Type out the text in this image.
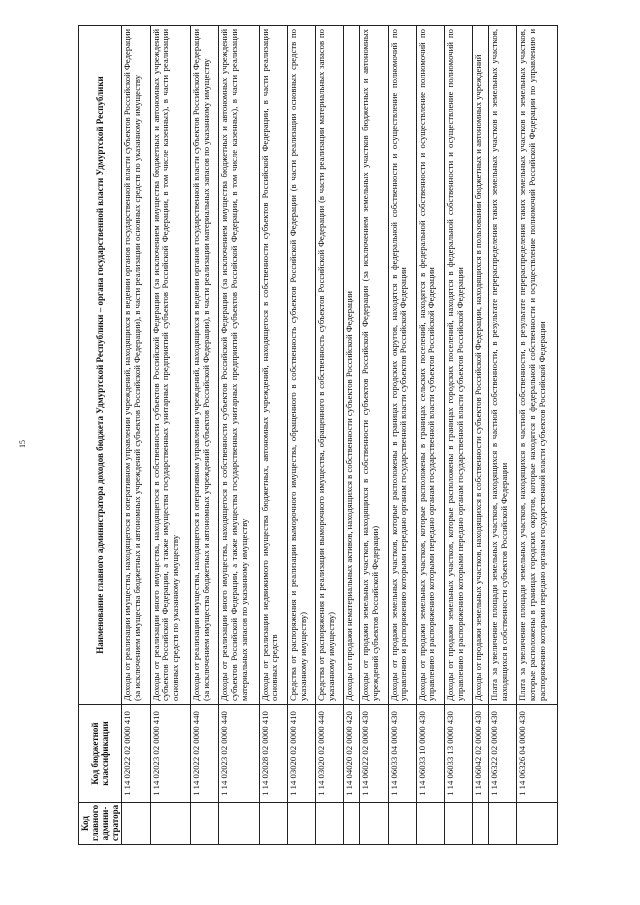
15
Код главного админи-стратора	Код бюджетной классификации	Наименование главного администратора доходов бюджета Удмуртской Республики – органа государственной власти Удмуртской Республики
	1 14 02022 02 0000 410	Доходы от реализации имущества, находящегося в оперативном управлении учреждений, находящихся в ведении органов государственной власти субъектов Российской Федерации (за исключением имущества бюджетных и автономных учреждений субъектов Российской Федерации), в части реализации основных средств по указанному имуществу
	1 14 02023 02 0000 410	Доходы от реализации иного имущества, находящегося в собственности субъектов Российской Федерации (за исключением имущества бюджетных и автономных учреждений субъектов Российской Федерации, а также имущества государственных унитарных предприятий субъектов Российской Федерации, в том числе казенных), в части реализации основных средств по указанному имуществу
	1 14 02022 02 0000 440	Доходы от реализации имущества, находящегося в оперативном управлении учреждений, находящихся в ведении органов государственной власти субъектов Российской Федерации (за исключением имущества бюджетных и автономных учреждений субъектов Российской Федерации), в части реализации материальных запасов по указанному имуществу
	1 14 02023 02 0000 440	Доходы от реализации иного имущества, находящегося в собственности субъектов Российской Федерации (за исключением имущества бюджетных и автономных учреждений субъектов Российской Федерации, а также имущества государственных унитарных предприятий субъектов Российской Федерации, в том числе казенных), в части реализации материальных запасов по указанному имуществу
	1 14 02028 02 0000 410	Доходы от реализации недвижимого имущества бюджетных, автономных учреждений, находящегося в собственности субъектов Российской Федерации, в части реализации основных средств
	1 14 03020 02 0000 410	Средства от распоряжения и реализации выморочного имущества, обращенного в собственность субъектов Российской Федерации (в части реализации основных средств по указанному имуществу)
	1 14 03020 02 0000 440	Средства от распоряжения и реализации выморочного имущества, обращенного в собственность субъектов Российской Федерации (в части реализации материальных запасов по указанному имуществу)
	1 14 04020 02 0000 420	Доходы от продажи нематериальных активов, находящихся в собственности субъектов Российской Федерации
	1 14 06022 02 0000 430	Доходы от продажи земельных участков, находящихся в собственности субъектов Российской Федерации (за исключением земельных участков бюджетных и автономных учреждений субъектов Российской Федерации)
	1 14 06033 04 0000 430	Доходы от продажи земельных участков, которые расположены в границах городских округов, находятся в федеральной собственности и осуществление полномочий по управлению и распоряжению которыми передано органам государственной власти субъектов Российской Федерации
	1 14 06033 10 0000 430	Доходы от продажи земельных участков, которые расположены в границах сельских поселений, находятся в федеральной собственности и осуществление полномочий по управлению и распоряжению которыми передано органам государственной власти субъектов Российской Федерации
	1 14 06033 13 0000 430	Доходы от продажи земельных участков, которые расположены в границах городских поселений, находятся в федеральной собственности и осуществление полномочий по управлению и распоряжению которыми передано органам государственной власти субъектов Российской Федерации
	1 14 06042 02 0000 430	Доходы от продажи земельных участков, находящихся в собственности субъектов Российской Федерации, находящихся в пользовании бюджетных и автономных учреждений
	1 14 06322 02 0000 430	Плата за увеличение площади земельных участков, находящихся в частной собственности, в результате перераспределения таких земельных участков и земельных участков, находящихся в собственности субъектов Российской Федерации
	1 14 06326 04 0000 430	Плата за увеличение площади земельных участков, находящихся в частной собственности, в результате перераспределения таких земельных участков и земельных участков, которые расположены в границах городских округов, которые находятся в федеральной собственности и осуществление полномочий Российской Федерации по управлению и распоряжению которыми передано органам государственной власти субъектов Российской Федерации
